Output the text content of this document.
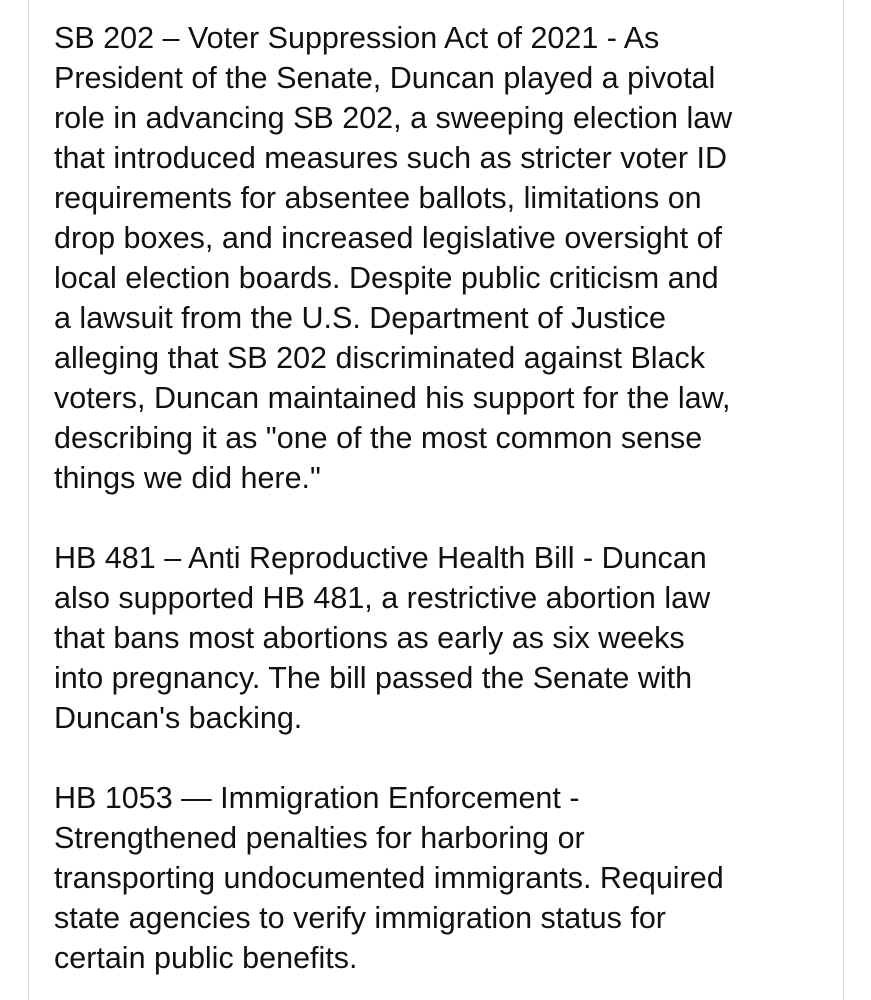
SB 202 – Voter Suppression Act of 2021 - As
President of the Senate, Duncan played a pivotal
role in advancing SB 202, a sweeping election law
that introduced measures such as stricter voter ID
requirements for absentee ballots, limitations on
drop boxes, and increased legislative oversight of
local election boards. Despite public criticism and
a lawsuit from the U.S. Department of Justice
alleging that SB 202 discriminated against Black
voters, Duncan maintained his support for the law,
describing it as "one of the most common sense
things we did here."

HB 481 – Anti Reproductive Health Bill - Duncan
also supported HB 481, a restrictive abortion law
that bans most abortions as early as six weeks
into pregnancy. The bill passed the Senate with
Duncan's backing.

HB 1053 — Immigration Enforcement -
Strengthened penalties for harboring or
transporting undocumented immigrants. Required
state agencies to verify immigration status for
certain public benefits.
